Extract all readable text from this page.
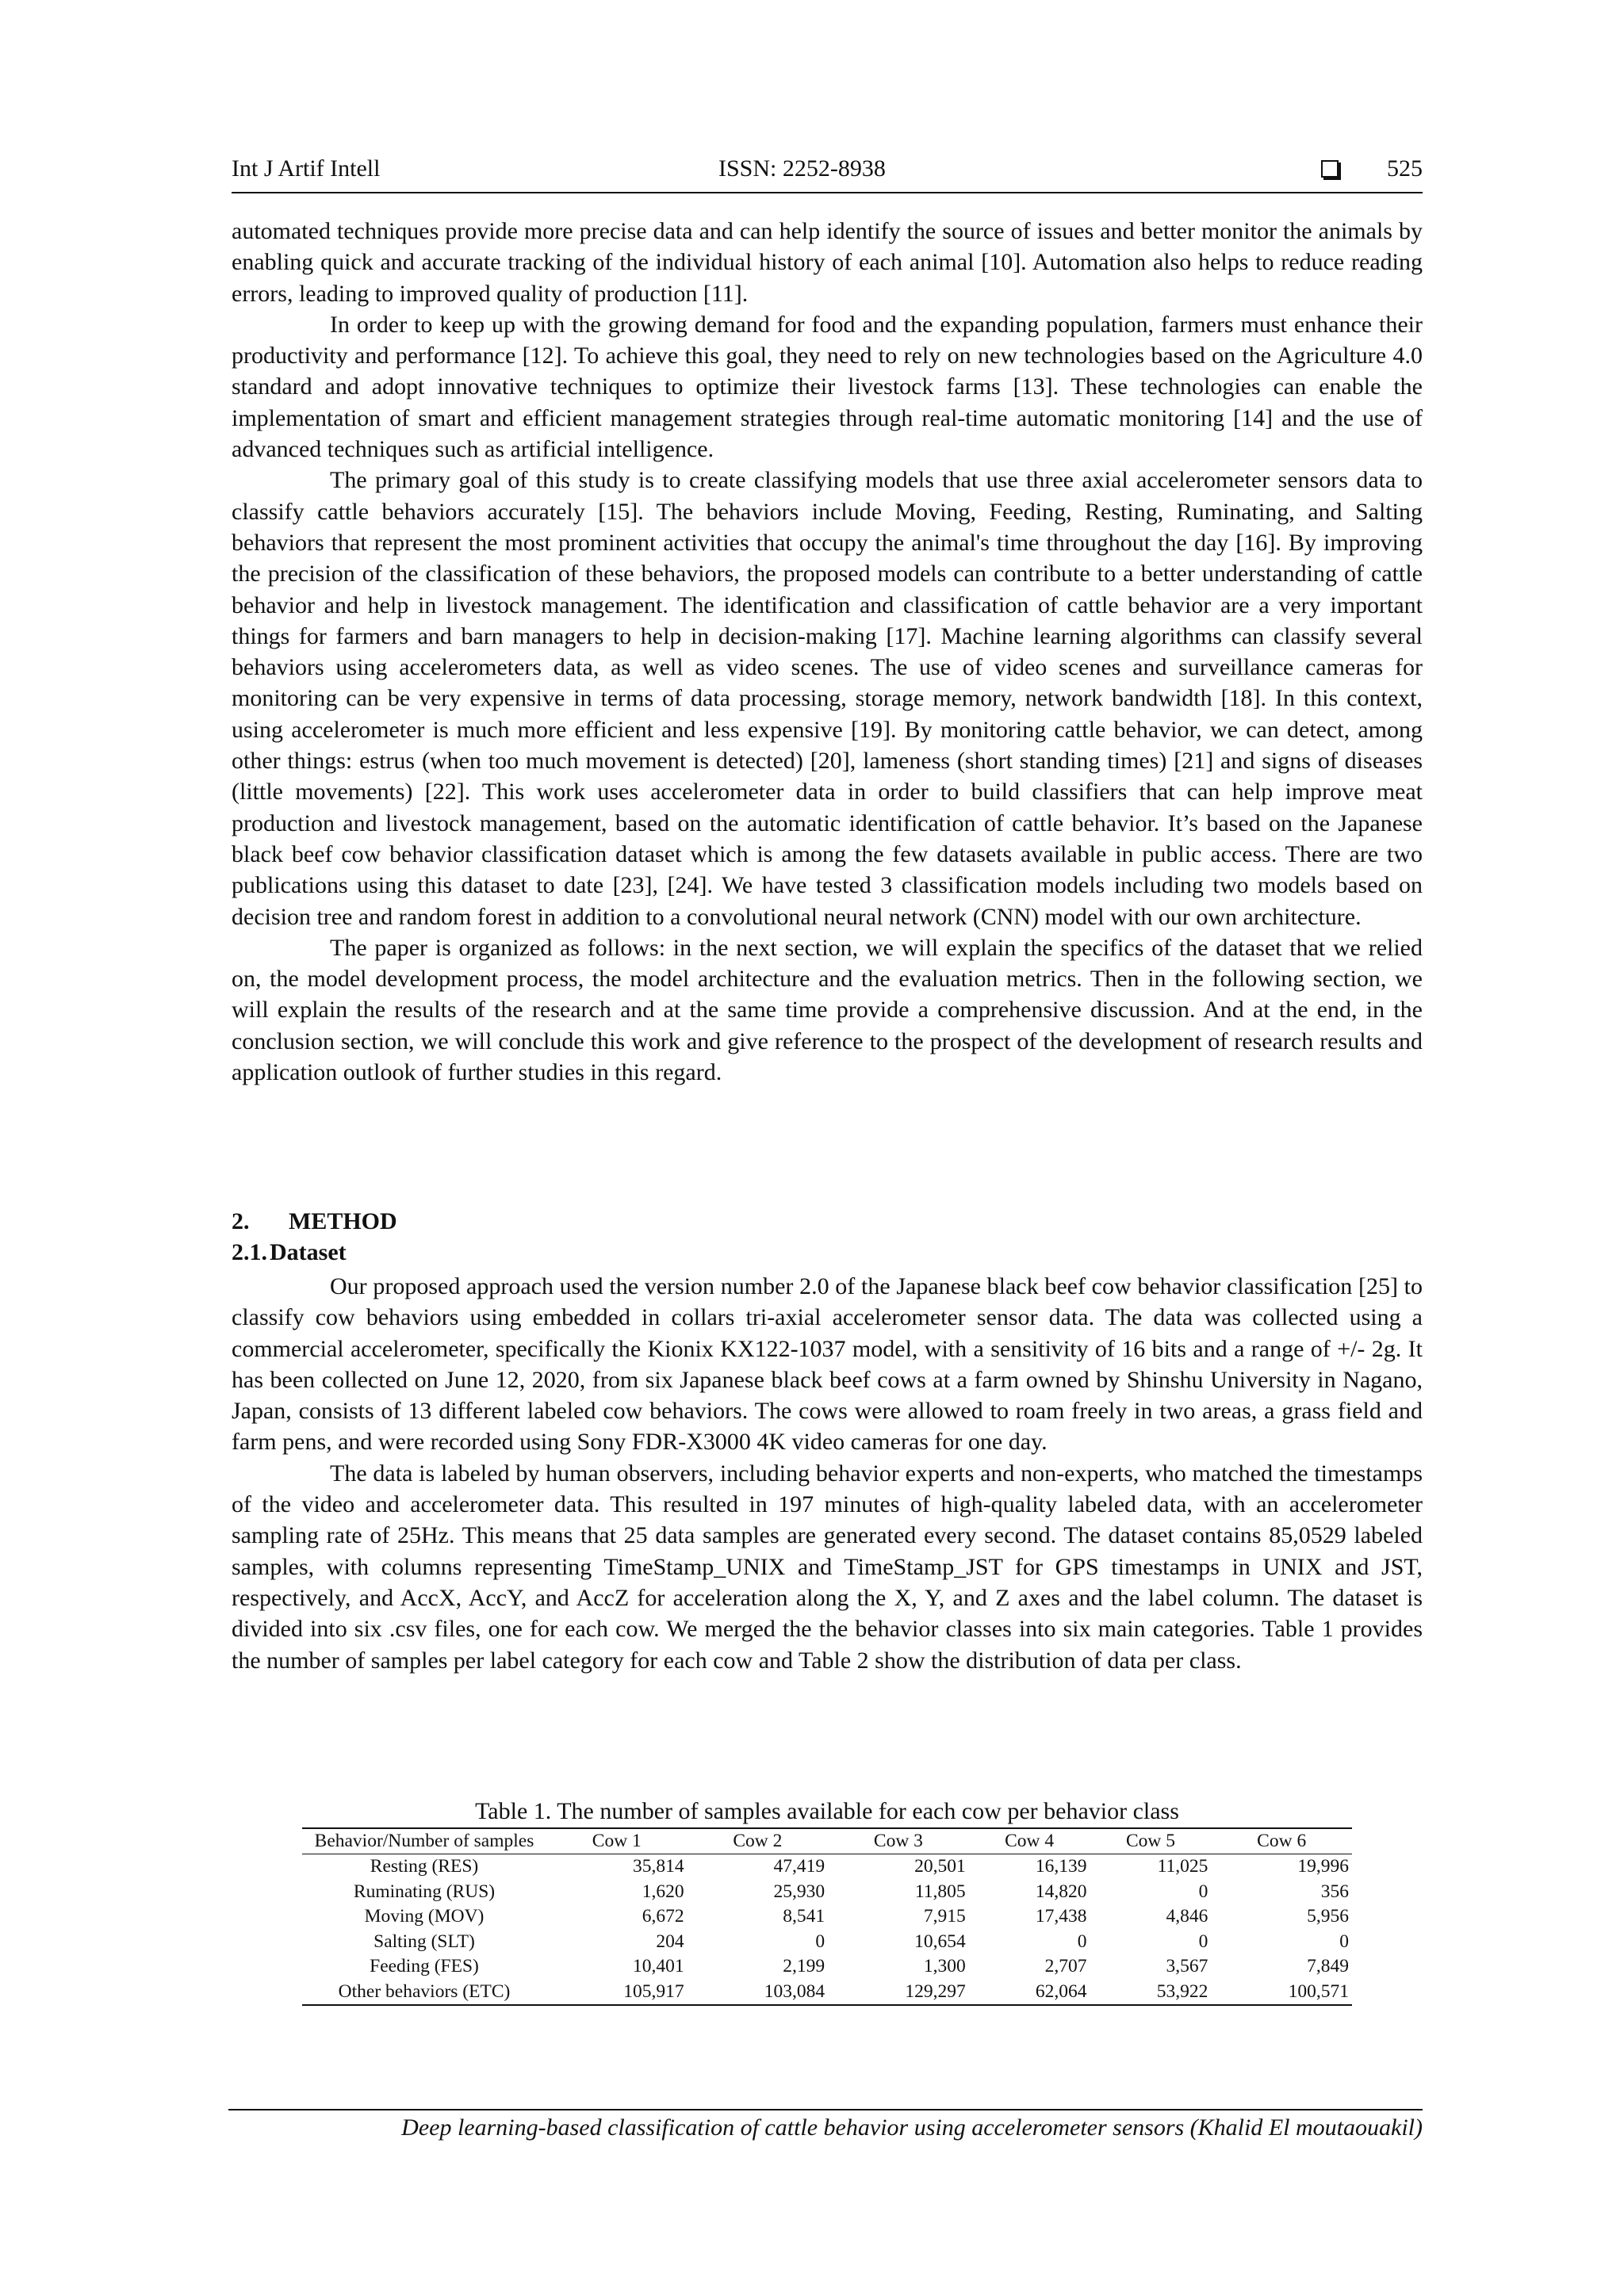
Int J Artif Intell	ISSN: 2252-8938	525

automated techniques provide more precise data and can help identify the source of issues and better monitor the animals by enabling quick and accurate tracking of the individual history of each animal [10]. Automation also helps to reduce reading errors, leading to improved quality of production [11].

In order to keep up with the growing demand for food and the expanding population, farmers must enhance their productivity and performance [12]. To achieve this goal, they need to rely on new technologies based on the Agriculture 4.0 standard and adopt innovative techniques to optimize their livestock farms [13]. These technologies can enable the implementation of smart and efficient management strategies through real-time automatic monitoring [14] and the use of advanced techniques such as artificial intelligence.

The primary goal of this study is to create classifying models that use three axial accelerometer sensors data to classify cattle behaviors accurately [15]. The behaviors include Moving, Feeding, Resting, Ruminating, and Salting behaviors that represent the most prominent activities that occupy the animal's time throughout the day [16]. By improving the precision of the classification of these behaviors, the proposed models can contribute to a better understanding of cattle behavior and help in livestock management. The identification and classification of cattle behavior are a very important things for farmers and barn managers to help in decision-making [17]. Machine learning algorithms can classify several behaviors using accelerometers data, as well as video scenes. The use of video scenes and surveillance cameras for monitoring can be very expensive in terms of data processing, storage memory, network bandwidth [18]. In this context, using accelerometer is much more efficient and less expensive [19]. By monitoring cattle behavior, we can detect, among other things: estrus (when too much movement is detected) [20], lameness (short standing times) [21] and signs of diseases (little movements) [22]. This work uses accelerometer data in order to build classifiers that can help improve meat production and livestock management, based on the automatic identification of cattle behavior. It’s based on the Japanese black beef cow behavior classification dataset which is among the few datasets available in public access. There are two publications using this dataset to date [23], [24]. We have tested 3 classification models including two models based on decision tree and random forest in addition to a convolutional neural network (CNN) model with our own architecture.

The paper is organized as follows: in the next section, we will explain the specifics of the dataset that we relied on, the model development process, the model architecture and the evaluation metrics. Then in the following section, we will explain the results of the research and at the same time provide a comprehensive discussion. And at the end, in the conclusion section, we will conclude this work and give reference to the prospect of the development of research results and application outlook of further studies in this regard.

2. METHOD
2.1. Dataset

Our proposed approach used the version number 2.0 of the Japanese black beef cow behavior classification [25] to classify cow behaviors using embedded in collars tri-axial accelerometer sensor data. The data was collected using a commercial accelerometer, specifically the Kionix KX122-1037 model, with a sensitivity of 16 bits and a range of +/- 2g. It has been collected on June 12, 2020, from six Japanese black beef cows at a farm owned by Shinshu University in Nagano, Japan, consists of 13 different labeled cow behaviors. The cows were allowed to roam freely in two areas, a grass field and farm pens, and were recorded using Sony FDR-X3000 4K video cameras for one day.

The data is labeled by human observers, including behavior experts and non-experts, who matched the timestamps of the video and accelerometer data. This resulted in 197 minutes of high-quality labeled data, with an accelerometer sampling rate of 25Hz. This means that 25 data samples are generated every second. The dataset contains 85,0529 labeled samples, with columns representing TimeStamp_UNIX and TimeStamp_JST for GPS timestamps in UNIX and JST, respectively, and AccX, AccY, and AccZ for acceleration along the X, Y, and Z axes and the label column. The dataset is divided into six .csv files, one for each cow. We merged the the behavior classes into six main categories. Table 1 provides the number of samples per label category for each cow and Table 2 show the distribution of data per class.

Table 1. The number of samples available for each cow per behavior class
Behavior/Number of samples	Cow 1	Cow 2	Cow 3	Cow 4	Cow 5	Cow 6
Resting (RES)	35,814	47,419	20,501	16,139	11,025	19,996
Ruminating (RUS)	1,620	25,930	11,805	14,820	0	356
Moving (MOV)	6,672	8,541	7,915	17,438	4,846	5,956
Salting (SLT)	204	0	10,654	0	0	0
Feeding (FES)	10,401	2,199	1,300	2,707	3,567	7,849
Other behaviors (ETC)	105,917	103,084	129,297	62,064	53,922	100,571
Deep learning-based classification of cattle behavior using accelerometer sensors (Khalid El moutaouakil)
